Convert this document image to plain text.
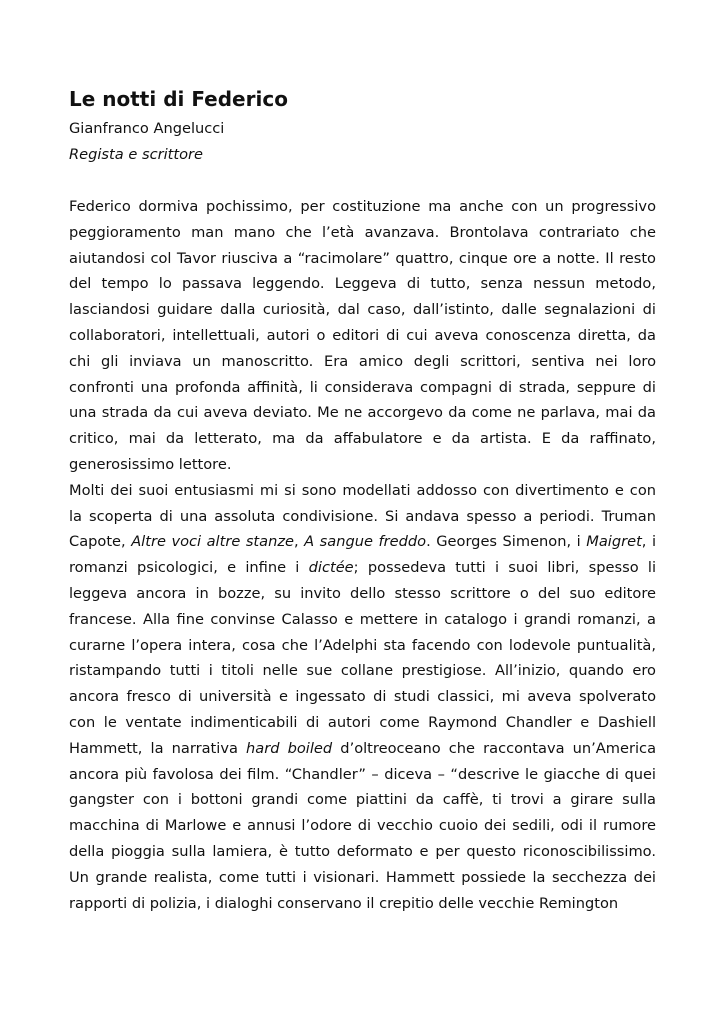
Le notti di Federico

Gianfranco Angelucci

Regista e scrittore

Federico dormiva pochissimo, per costituzione ma anche con un progressivo peggioramento man mano che l’età avanzava. Brontolava contrariato che aiutandosi col Tavor riusciva a “racimolare” quattro, cinque ore a notte. Il resto del tempo lo passava leggendo. Leggeva di tutto, senza nessun metodo, lasciandosi guidare dalla curiosità, dal caso, dall’istinto, dalle segnalazioni di collaboratori, intellettuali, autori o editori di cui aveva conoscenza diretta, da chi gli inviava un manoscritto. Era amico degli scrittori, sentiva nei loro confronti una profonda affinità, li considerava compagni di strada, seppure di una strada da cui aveva deviato. Me ne accorgevo da come ne parlava, mai da critico, mai da letterato, ma da affabulatore e da artista. E da raffinato, generosissimo lettore.

Molti dei suoi entusiasmi mi si sono modellati addosso con divertimento e con la scoperta di una assoluta condivisione. Si andava spesso a periodi. Truman Capote, Altre voci altre stanze, A sangue freddo. Georges Simenon, i Maigret, i romanzi psicologici, e infine i dictée; possedeva tutti i suoi libri, spesso li leggeva ancora in bozze, su invito dello stesso scrittore o del suo editore francese. Alla fine convinse Calasso e mettere in catalogo i grandi romanzi, a curarne l’opera intera, cosa che l’Adelphi sta facendo con lodevole puntualità, ristampando tutti i titoli nelle sue collane prestigiose. All’inizio, quando ero ancora fresco di università e ingessato di studi classici, mi aveva spolverato con le ventate indimenticabili di autori come Raymond Chandler e Dashiell Hammett, la narrativa hard boiled d’oltreoceano che raccontava un’America ancora più favolosa dei film. “Chandler” – diceva – “descrive le giacche di quei gangster con i bottoni grandi come piattini da caffè, ti trovi a girare sulla macchina di Marlowe e annusi l’odore di vecchio cuoio dei sedili, odi il rumore della pioggia sulla lamiera, è tutto deformato e per questo riconoscibilissimo. Un grande realista, come tutti i visionari. Hammett possiede la secchezza dei rapporti di polizia, i dialoghi conservano il crepitio delle vecchie Remington
